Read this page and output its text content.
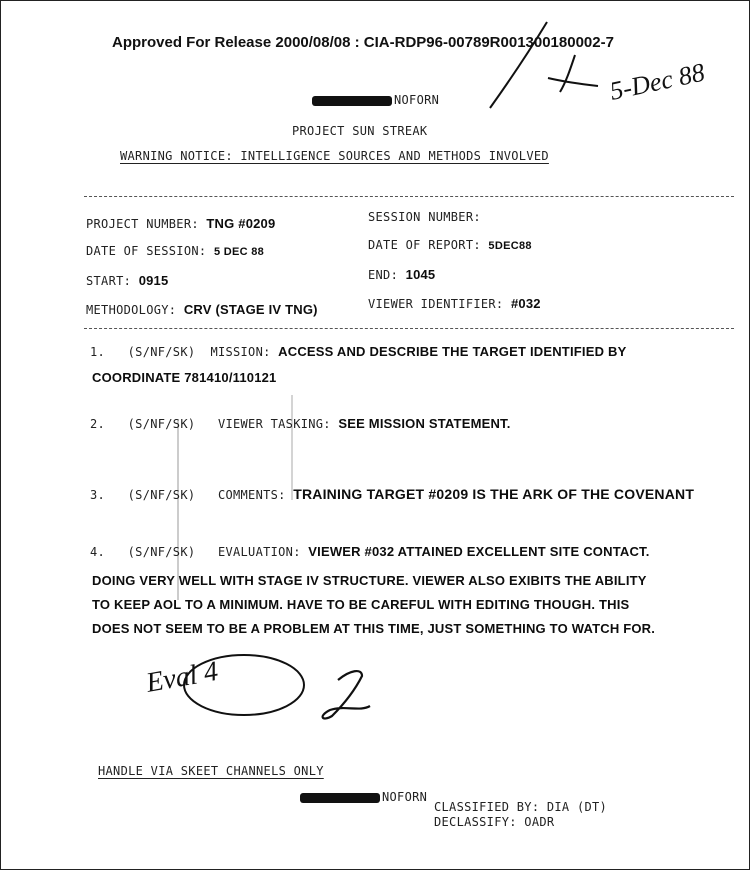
Approved For Release 2000/08/08 : CIA-RDP96-00789R001300180002-7
5-Dec 88
Eval 4
NOFORN
PROJECT SUN STREAK
WARNING NOTICE: INTELLIGENCE SOURCES AND METHODS INVOLVED
PROJECT NUMBER: TNG #0209	SESSION NUMBER:
DATE OF SESSION: 5 DEC 88	DATE OF REPORT: 5DEC88
START: 0915	END: 1045
METHODOLOGY: CRV (STAGE IV TNG)	VIEWER IDENTIFIER: #032
1. (S/NF/SK) MISSION: ACCESS AND DESCRIBE THE TARGET IDENTIFIED BY
COORDINATE 781410/110121
2. (S/NF/SK) VIEWER TASKING: SEE MISSION STATEMENT.
3. (S/NF/SK) COMMENTS: TRAINING TARGET #0209 IS THE ARK OF THE COVENANT
4. (S/NF/SK) EVALUATION: VIEWER #032 ATTAINED EXCELLENT SITE CONTACT.
DOING VERY WELL WITH STAGE IV STRUCTURE. VIEWER ALSO EXIBITS THE ABILITY
TO KEEP AOL TO A MINIMUM. HAVE TO BE CAREFUL WITH EDITING THOUGH. THIS
DOES NOT SEEM TO BE A PROBLEM AT THIS TIME, JUST SOMETHING TO WATCH FOR.
HANDLE VIA SKEET CHANNELS ONLY
NOFORN
CLASSIFIED BY: DIA (DT)
DECLASSIFY: OADR
